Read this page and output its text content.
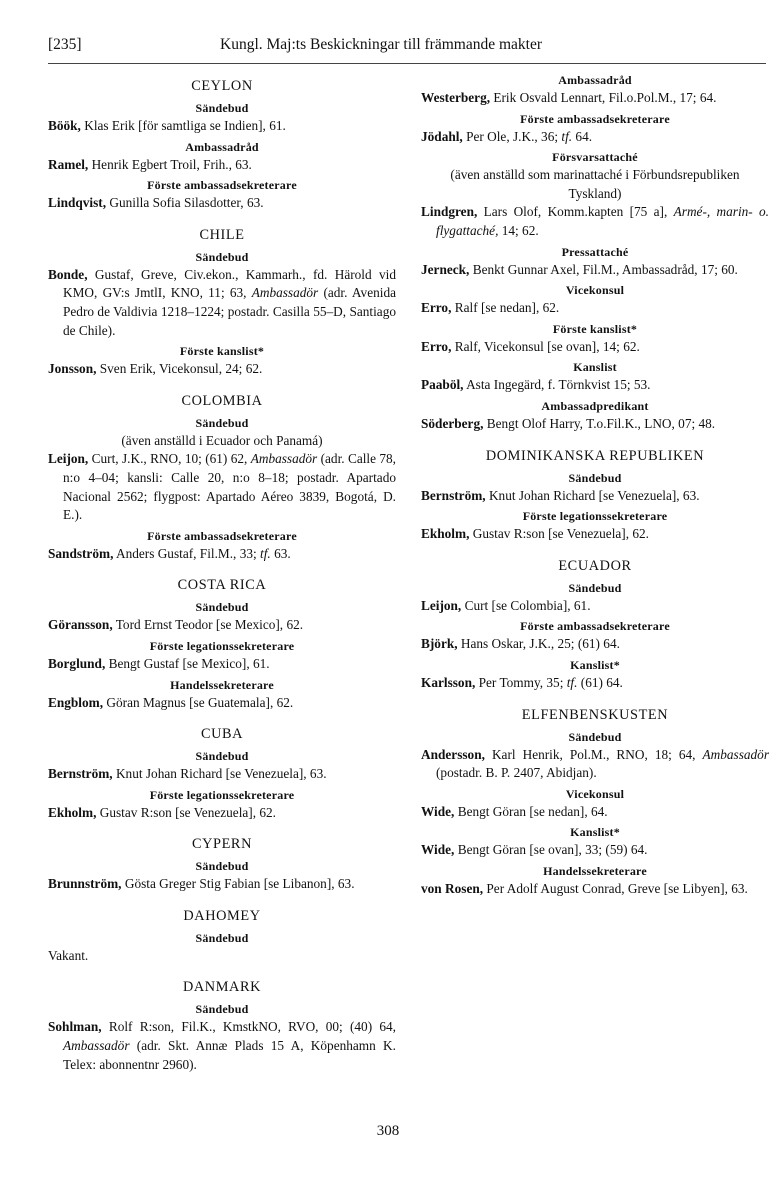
[235]	Kungl. Maj:ts Beskickningar till främmande makter
CEYLON
Sändebud

Böök, Klas Erik [för samtliga se Indien], 61.

Ambassadråd

Ramel, Henrik Egbert Troil, Frih., 63.

Förste ambassadsekreterare

Lindqvist, Gunilla Sofia Silasdotter, 63.

CHILE
Sändebud

Bonde, Gustaf, Greve, Civ.ekon., Kammarh., fd. Härold vid KMO, GV:s JmtlI, KNO, 11; 63, Ambassadör (adr. Avenida Pedro de Valdivia 1218–1224; postadr. Casilla 55–D, Santiago de Chile).

Förste kanslist*

Jonsson, Sven Erik, Vicekonsul, 24; 62.

COLOMBIA
Sändebud
(även anställd i Ecuador och Panamá)

Leijon, Curt, J.K., RNO, 10; (61) 62, Ambassadör (adr. Calle 78, n:o 4–04; kansli: Calle 20, n:o 8–18; postadr. Apartado Nacional 2562; flygpost: Apartado Aéreo 3839, Bogotá, D. E.).

Förste ambassadsekreterare

Sandström, Anders Gustaf, Fil.M., 33; tf. 63.

COSTA RICA
Sändebud

Göransson, Tord Ernst Teodor [se Mexico], 62.

Förste legationssekreterare

Borglund, Bengt Gustaf [se Mexico], 61.

Handelssekreterare

Engblom, Göran Magnus [se Guatemala], 62.

CUBA
Sändebud

Bernström, Knut Johan Richard [se Venezuela], 63.

Förste legationssekreterare

Ekholm, Gustav R:son [se Venezuela], 62.

CYPERN
Sändebud

Brunnström, Gösta Greger Stig Fabian [se Libanon], 63.

DAHOMEY
Sändebud
Vakant.
DANMARK
Sändebud

Sohlman, Rolf R:son, Fil.K., KmstkNO, RVO, 00; (40) 64, Ambassadör (adr. Skt. Annæ Plads 15 A, Köpenhamn K. Telex: abonnentnr 2960).

Ambassadråd

Westerberg, Erik Osvald Lennart, Fil.o.Pol.M., 17; 64.

Förste ambassadsekreterare

Jödahl, Per Ole, J.K., 36; tf. 64.

Försvarsattaché
(även anställd som marinattaché i Förbundsrepubliken Tyskland)

Lindgren, Lars Olof, Komm.kapten [75 a], Armé-, marin- o. flygattaché, 14; 62.

Pressattaché

Jerneck, Benkt Gunnar Axel, Fil.M., Ambassadråd, 17; 60.

Vicekonsul

Erro, Ralf [se nedan], 62.

Förste kanslist*

Erro, Ralf, Vicekonsul [se ovan], 14; 62.

Kanslist

Paaböl, Asta Ingegärd, f. Törnkvist 15; 53.

Ambassadpredikant

Söderberg, Bengt Olof Harry, T.o.Fil.K., LNO, 07; 48.

DOMINIKANSKA REPUBLIKEN
Sändebud

Bernström, Knut Johan Richard [se Venezuela], 63.

Förste legationssekreterare

Ekholm, Gustav R:son [se Venezuela], 62.

ECUADOR
Sändebud

Leijon, Curt [se Colombia], 61.

Förste ambassadsekreterare

Björk, Hans Oskar, J.K., 25; (61) 64.

Kanslist*

Karlsson, Per Tommy, 35; tf. (61) 64.

ELFENBENSKUSTEN
Sändebud

Andersson, Karl Henrik, Pol.M., RNO, 18; 64, Ambassadör (postadr. B. P. 2407, Abidjan).

Vicekonsul

Wide, Bengt Göran [se nedan], 64.

Kanslist*

Wide, Bengt Göran [se ovan], 33; (59) 64.

Handelssekreterare

von Rosen, Per Adolf August Conrad, Greve [se Libyen], 63.

308
